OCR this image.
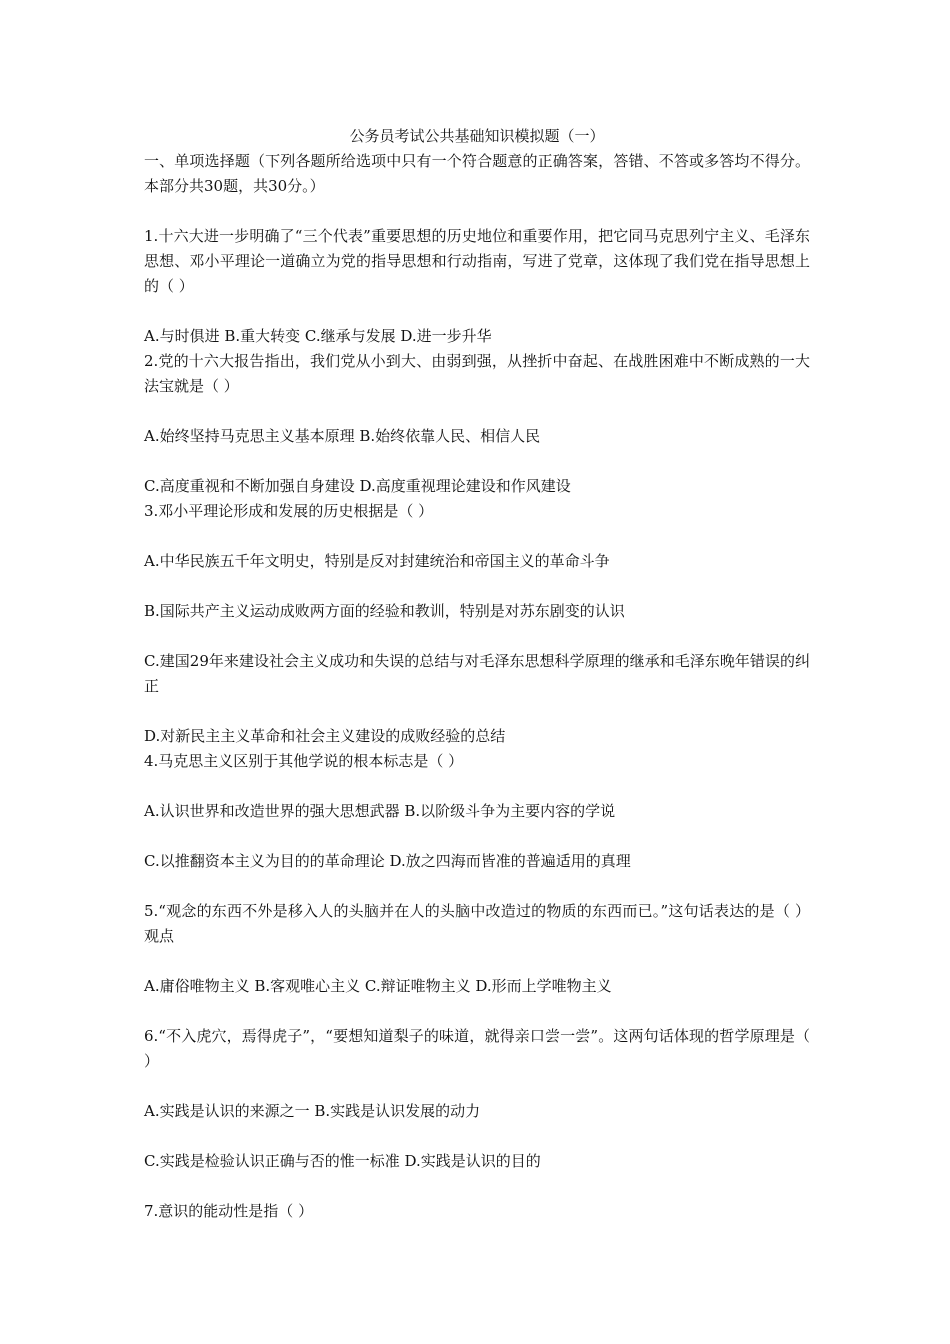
公务员考试公共基础知识模拟题（一）

一、单项选择题（下列各题所给选项中只有一个符合题意的正确答案，答错、不答或多答均不得分。本部分共30题，共30分。）

1.十六大进一步明确了“三个代表”重要思想的历史地位和重要作用，把它同马克思列宁主义、毛泽东思想、邓小平理论一道确立为党的指导思想和行动指南，写进了党章，这体现了我们党在指导思想上的（ ）

A.与时俱进 B.重大转变 C.继承与发展 D.进一步升华

2.党的十六大报告指出，我们党从小到大、由弱到强，从挫折中奋起、在战胜困难中不断成熟的一大法宝就是（ ）

A.始终坚持马克思主义基本原理 B.始终依靠人民、相信人民

C.高度重视和不断加强自身建设 D.高度重视理论建设和作风建设

3.邓小平理论形成和发展的历史根据是（ ）

A.中华民族五千年文明史，特别是反对封建统治和帝国主义的革命斗争

B.国际共产主义运动成败两方面的经验和教训，特别是对苏东剧变的认识

C.建国29年来建设社会主义成功和失误的总结与对毛泽东思想科学原理的继承和毛泽东晚年错误的纠正

D.对新民主主义革命和社会主义建设的成败经验的总结

4.马克思主义区别于其他学说的根本标志是（ ）

A.认识世界和改造世界的强大思想武器 B.以阶级斗争为主要内容的学说

C.以推翻资本主义为目的的革命理论 D.放之四海而皆准的普遍适用的真理

5.“观念的东西不外是移入人的头脑并在人的头脑中改造过的物质的东西而已。”这句话表达的是（ ）观点

A.庸俗唯物主义 B.客观唯心主义 C.辩证唯物主义 D.形而上学唯物主义

6.“不入虎穴，焉得虎子”，“要想知道梨子的味道，就得亲口尝一尝”。这两句话体现的哲学原理是（ ）

A.实践是认识的来源之一 B.实践是认识发展的动力

C.实践是检验认识正确与否的惟一标准 D.实践是认识的目的

7.意识的能动性是指（ ）
